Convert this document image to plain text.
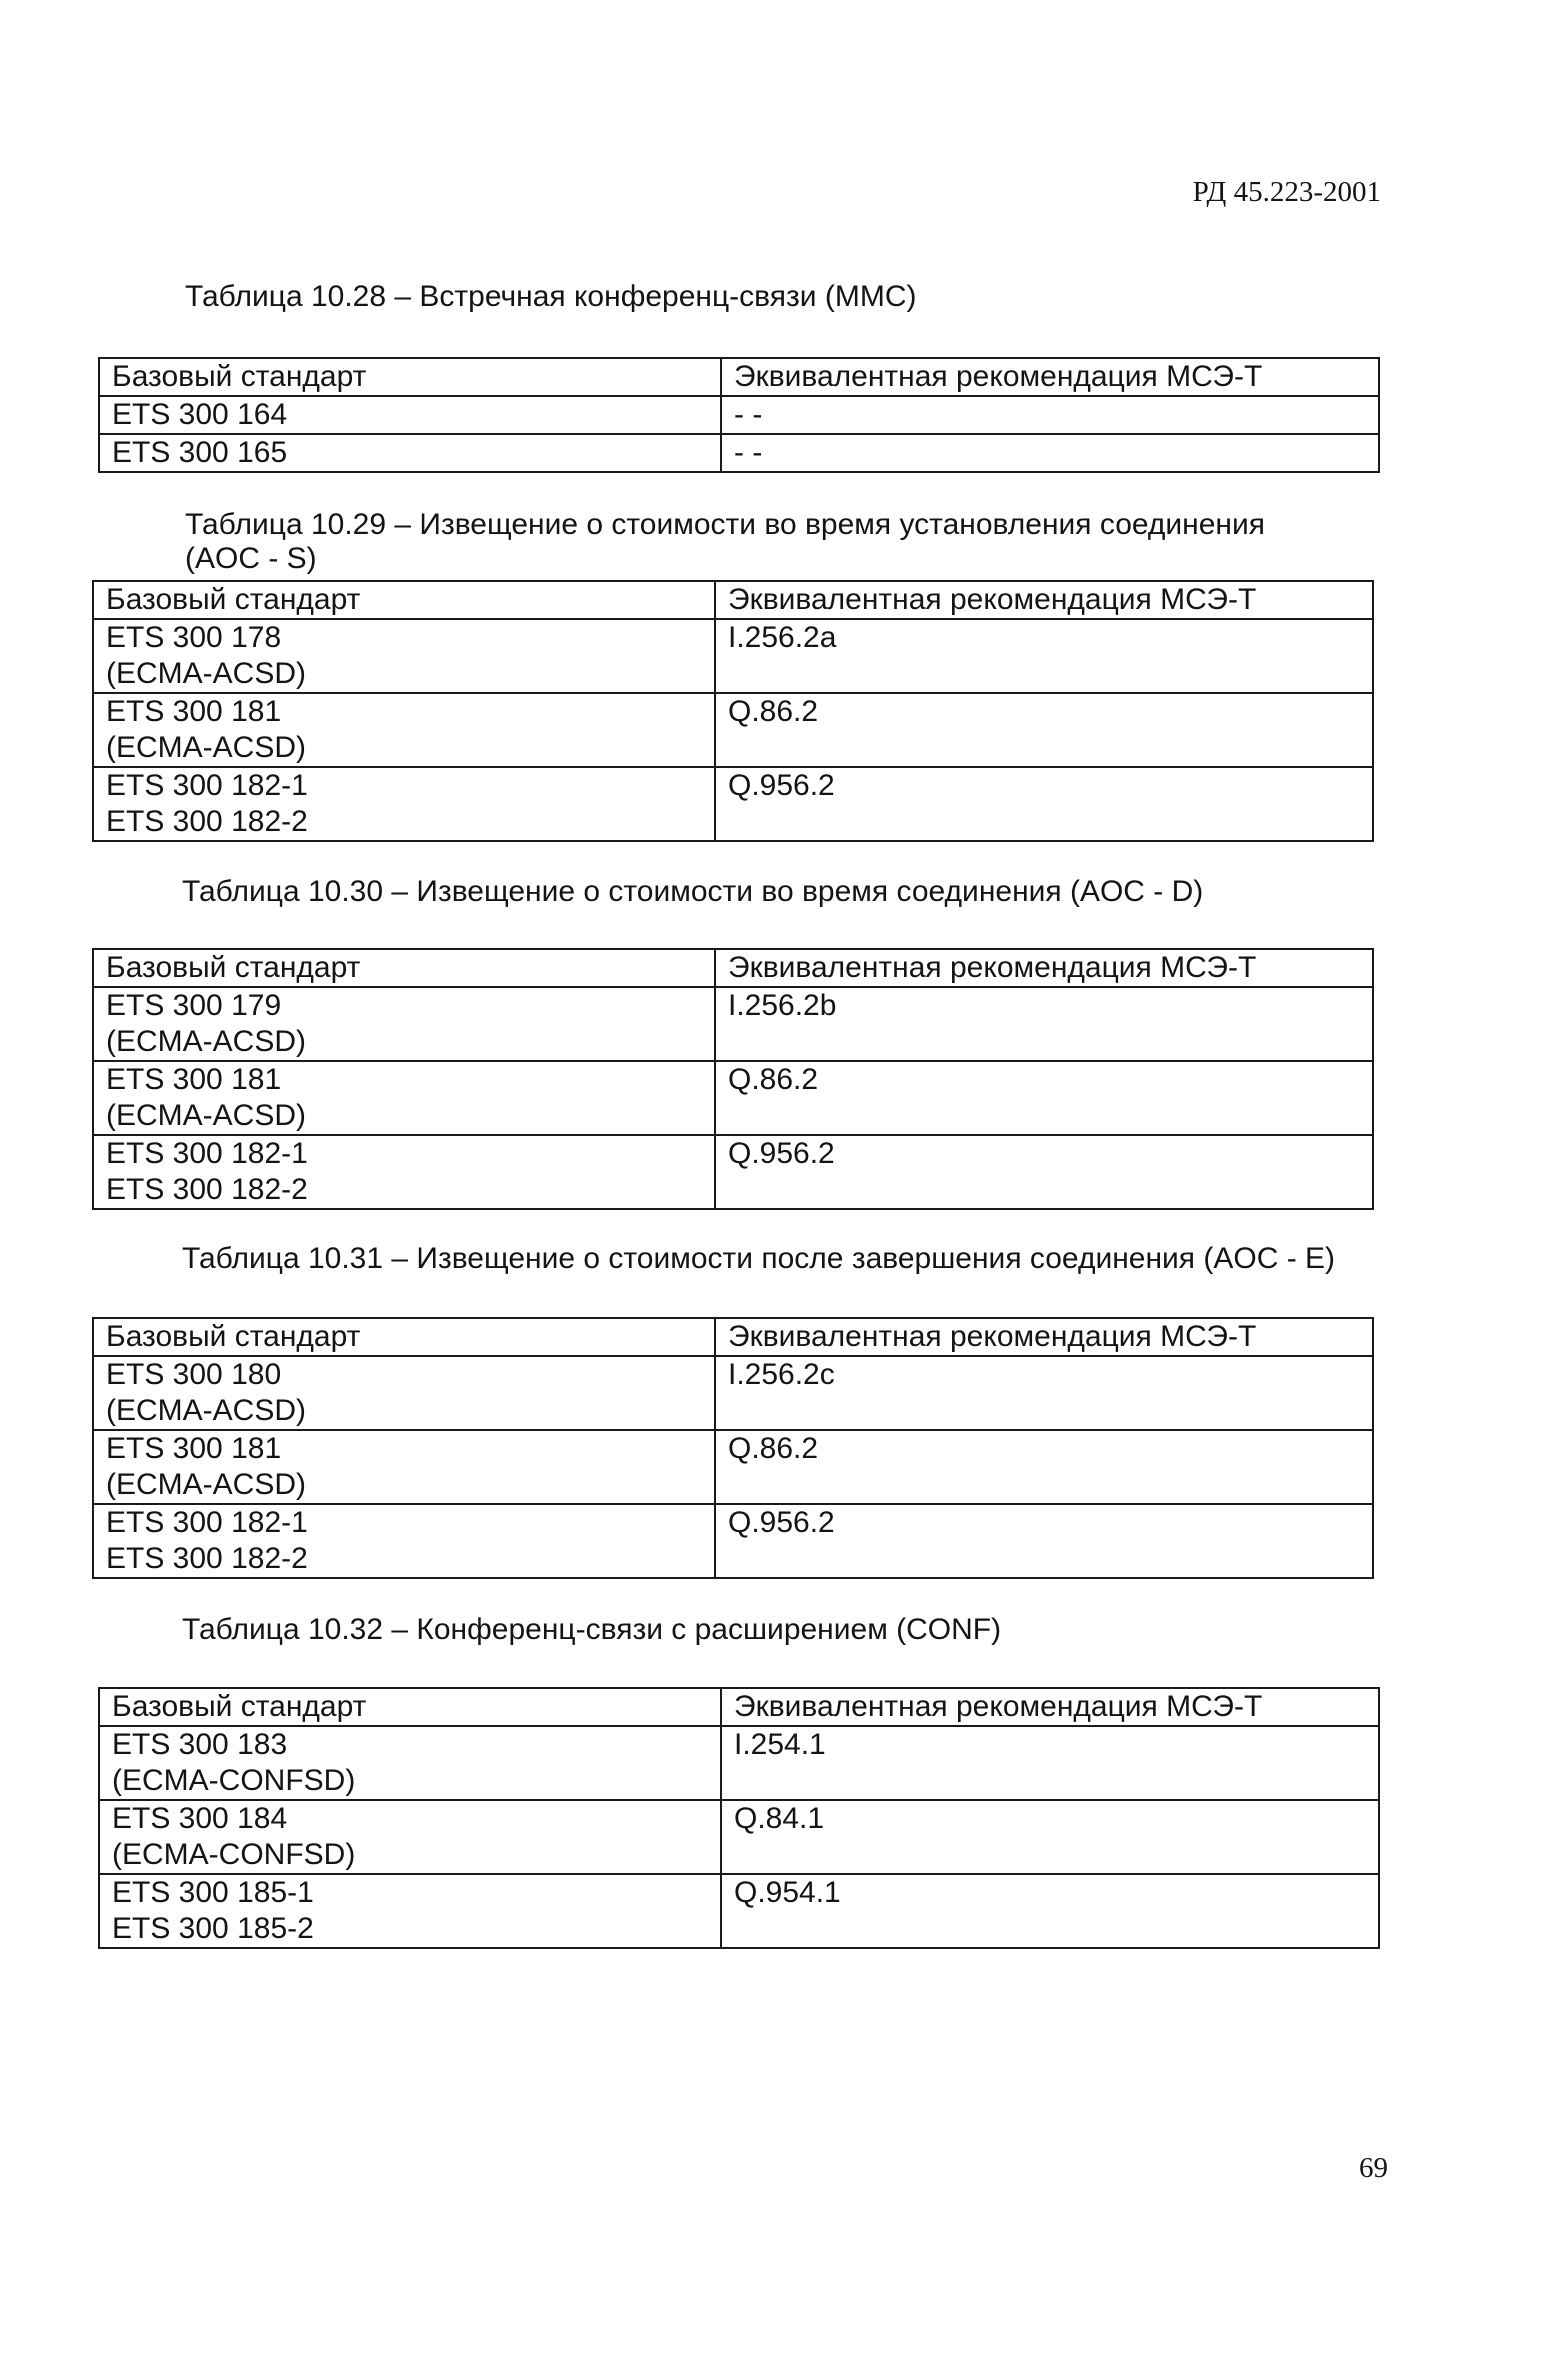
РД 45.223-2001
Таблица 10.28 – Встречная конференц-связи (ММС)
Базовый стандарт	Эквивалентная рекомендация МСЭ-Т

ETS 300 164	- -

ETS 300 165	- -
Таблица 10.29 – Извещение о стоимости во время установления соединения
(AOC - S)
Базовый стандарт	Эквивалентная рекомендация МСЭ-Т

ETS 300 178
(ECMA-ACSD)	I.256.2a

ETS 300 181
(ECMA-ACSD)	Q.86.2

ETS 300 182-1
ETS 300 182-2	Q.956.2
Таблица 10.30 – Извещение о стоимости во время соединения (AOC - D)
Базовый стандарт	Эквивалентная рекомендация МСЭ-Т

ETS 300 179
(ECMA-ACSD)	I.256.2b

ETS 300 181
(ECMA-ACSD)	Q.86.2

ETS 300 182-1
ETS 300 182-2	Q.956.2
Таблица 10.31 – Извещение о стоимости после завершения соединения (AOC - E)
Базовый стандарт	Эквивалентная рекомендация МСЭ-Т

ETS 300 180
(ECMA-ACSD)	I.256.2c

ETS 300 181
(ECMA-ACSD)	Q.86.2

ETS 300 182-1
ETS 300 182-2	Q.956.2
Таблица 10.32 – Конференц-связи с расширением (CONF)
Базовый стандарт	Эквивалентная рекомендация МСЭ-Т

ETS 300 183
(ECMA-CONFSD)	I.254.1

ETS 300 184
(ECMA-CONFSD)	Q.84.1

ETS 300 185-1
ETS 300 185-2	Q.954.1
69
